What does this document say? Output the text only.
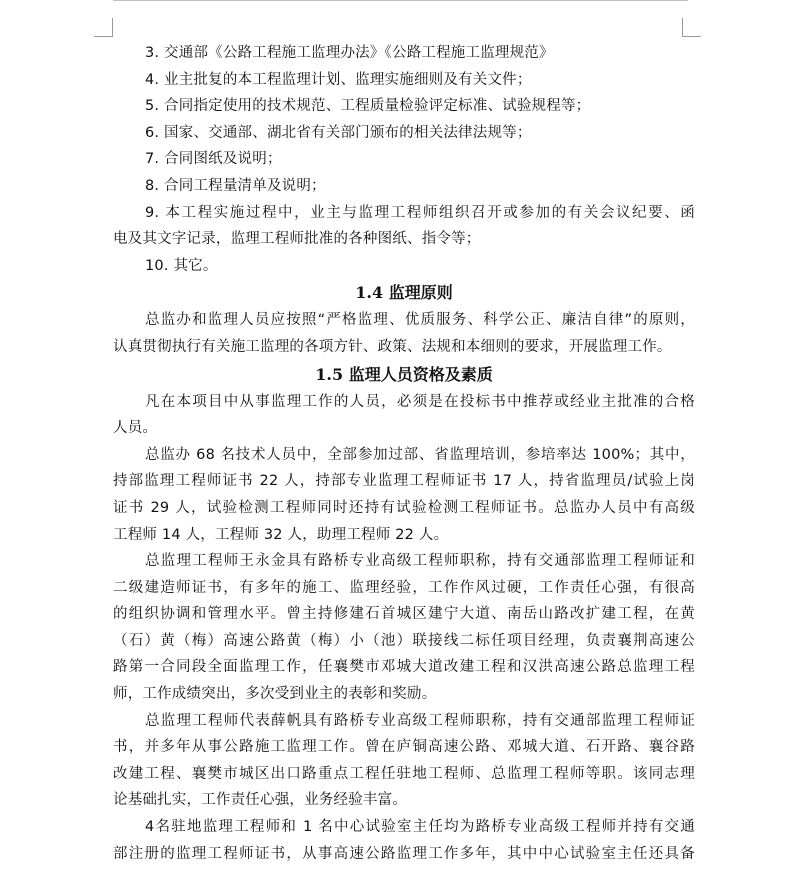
3. 交通部《公路工程施工监理办法》《公路工程施工监理规范》
4. 业主批复的本工程监理计划、监理实施细则及有关文件；
5. 合同指定使用的技术规范、工程质量检验评定标准、试验规程等；
6. 国家、交通部、湖北省有关部门颁布的相关法律法规等；
7. 合同图纸及说明；
8. 合同工程量清单及说明；
9. 本工程实施过程中，业主与监理工程师组织召开或参加的有关会议纪要、函
电及其文字记录，监理工程师批准的各种图纸、指令等；
10. 其它。
1.4 监理原则
总监办和监理人员应按照“严格监理、优质服务、科学公正、廉洁自律”的原则，
认真贯彻执行有关施工监理的各项方针、政策、法规和本细则的要求，开展监理工作。
1.5 监理人员资格及素质
凡在本项目中从事监理工作的人员，必须是在投标书中推荐或经业主批准的合格
人员。
总监办 68 名技术人员中，全部参加过部、省监理培训，参培率达 100%；其中，
持部监理工程师证书 22 人，持部专业监理工程师证书 17 人，持省监理员/试验上岗
证书 29 人，试验检测工程师同时还持有试验检测工程师证书。总监办人员中有高级
工程师 14 人，工程师 32 人，助理工程师 22 人。
总监理工程师王永金具有路桥专业高级工程师职称，持有交通部监理工程师证和
二级建造师证书，有多年的施工、监理经验，工作作风过硬，工作责任心强，有很高
的组织协调和管理水平。曾主持修建石首城区建宁大道、南岳山路改扩建工程，在黄
（石）黄（梅）高速公路黄（梅）小（池）联接线二标任项目经理，负责襄荆高速公
路第一合同段全面监理工作，任襄樊市邓城大道改建工程和汉洪高速公路总监理工程
师，工作成绩突出，多次受到业主的表彰和奖励。
总监理工程师代表薛帆具有路桥专业高级工程师职称，持有交通部监理工程师证
书，并多年从事公路施工监理工作。曾在庐铜高速公路、邓城大道、石开路、襄谷路
改建工程、襄樊市城区出口路重点工程任驻地工程师、总监理工程师等职。该同志理
论基础扎实，工作责任心强，业务经验丰富。
4名驻地监理工程师和 1 名中心试验室主任均为路桥专业高级工程师并持有交通
部注册的监理工程师证书，从事高速公路监理工作多年，其中中心试验室主任还具备
